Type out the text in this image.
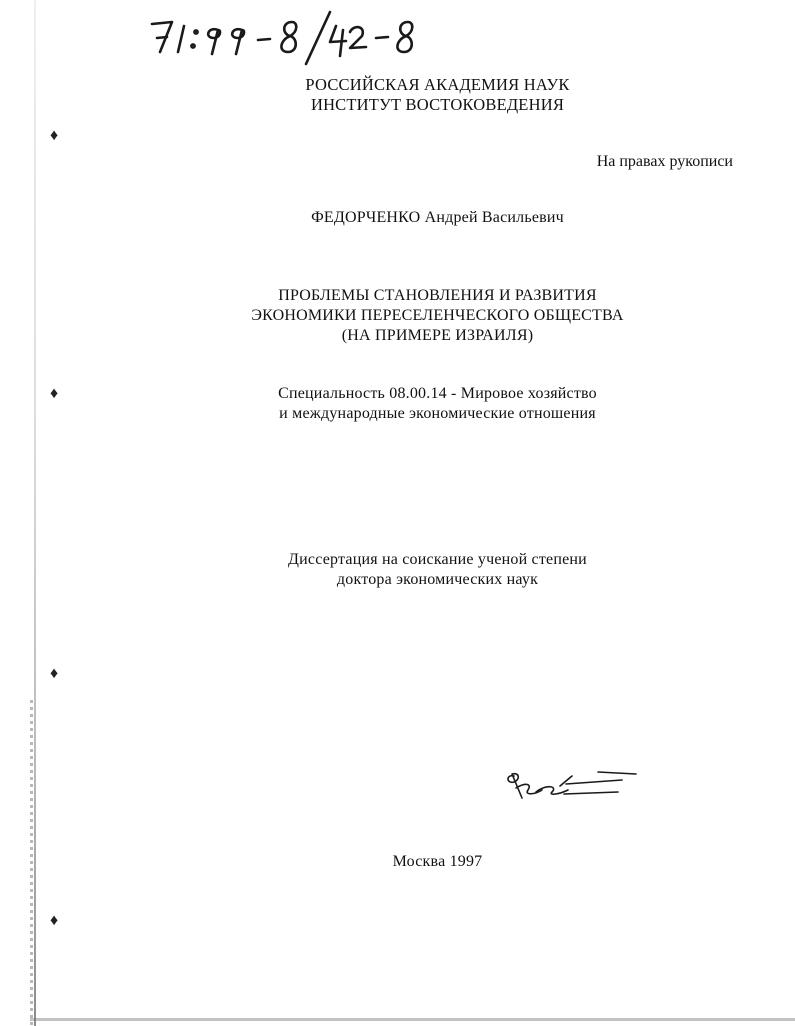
♦
♦
♦
♦
РОССИЙСКАЯ АКАДЕМИЯ НАУК
ИНСТИТУТ ВОСТОКОВЕДЕНИЯ
На правах рукописи
ФЕДОРЧЕНКО Андрей Васильевич
ПРОБЛЕМЫ СТАНОВЛЕНИЯ И РАЗВИТИЯ
ЭКОНОМИКИ ПЕРЕСЕЛЕНЧЕСКОГО ОБЩЕСТВА
(НА ПРИМЕРЕ ИЗРАИЛЯ)
Специальность 08.00.14 - Мировое хозяйство
и международные экономические отношения
Диссертация на соискание ученой степени
доктора экономических наук
Москва 1997
